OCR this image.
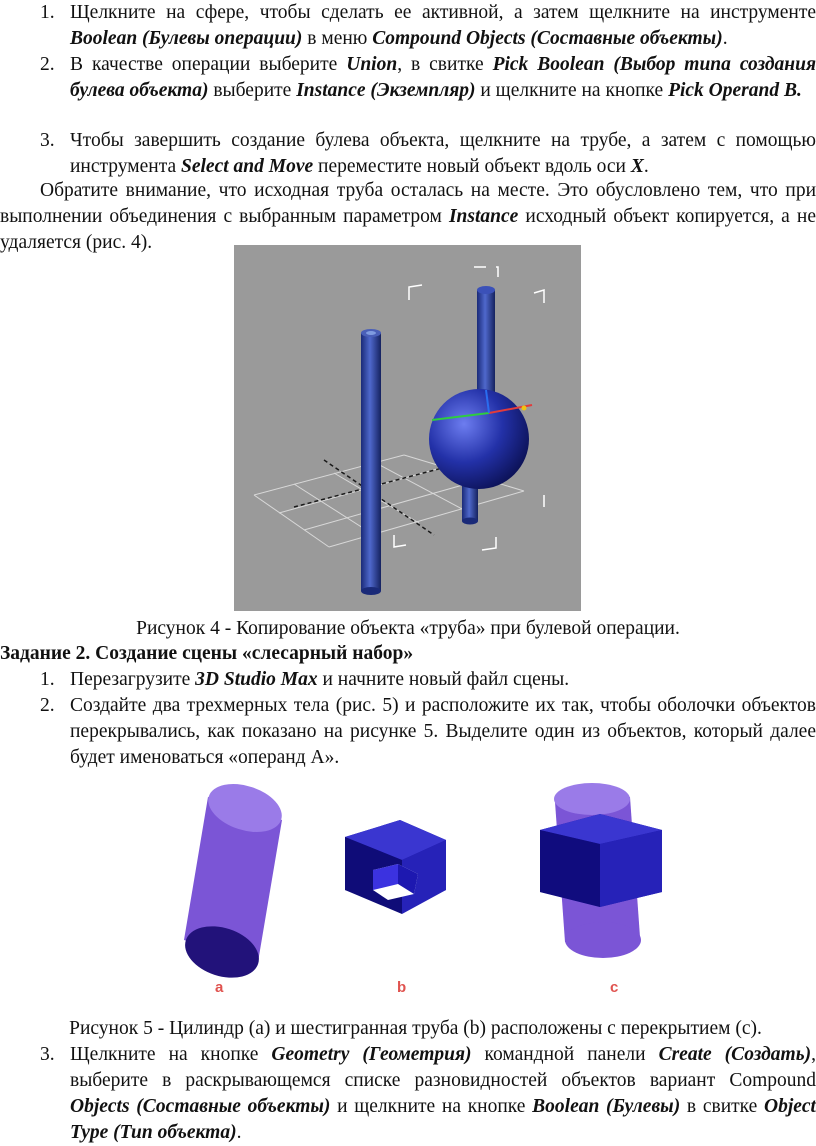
1. Щелкните на сфере, чтобы сделать ее активной, а затем щелкните на инструменте Boolean (Булевы операции) в меню Compound Objects (Составные объекты).
2. В качестве операции выберите Union, в свитке Pick Boolean (Выбор типа создания булева объекта) выберите Instance (Экземпляр) и щелкните на кнопке Pick Operand B.
3. Чтобы завершить создание булева объекта, щелкните на трубе, а затем с помощью инструмента Select and Move переместите новый объект вдоль оси X.
Обратите внимание, что исходная труба осталась на месте. Это обусловлено тем, что при выполнении объединения с выбранным параметром Instance исходный объект копируется, а не удаляется (рис. 4).
Рисунок 4 - Копирование объекта «труба» при булевой операции.
Задание 2. Создание сцены «слесарный набор»
1. Перезагрузите 3D Studio Max и начните новый файл сцены.
2. Создайте два трехмерных тела (рис. 5) и расположите их так, чтобы оболочки объектов перекрывались, как показано на рисунке 5. Выделите один из объектов, который далее будет именоваться «операнд А».
a	b	c
Рисунок 5 - Цилиндр (а) и шестигранная труба (b) расположены с перекрытием (с).
3. Щелкните на кнопке Geometry (Геометрия) командной панели Create (Создать), выберите в раскрывающемся списке разновидностей объектов вариант Compound Objects (Составные объекты) и щелкните на кнопке Boolean (Булевы) в свитке Object Type (Тип объекта).
